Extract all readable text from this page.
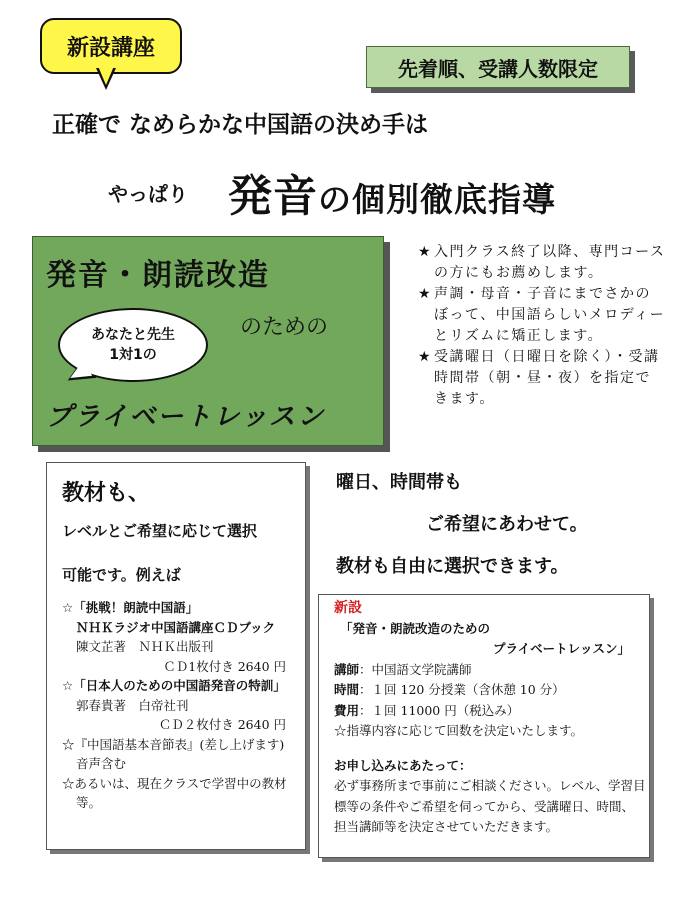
新設講座
先着順、受講人数限定
正確で なめらかな中国語の決め手は
やっぱり 発音の個別徹底指導
発音・朗読改造
のための
あなたと先生
1対1の
プライベートレッスン
★ 入門クラス終了以降、専門コースの方にもお薦めします。
★ 声調・母音・子音にまでさかのぼって、中国語らしいメロディーとリズムに矯正します。
★ 受講曜日（日曜日を除く）・受講時間帯（朝・昼・夜）を指定できます。
教材も、
レベルとご希望に応じて選択
可能です。例えば
☆「挑戦！朗読中国語」
ＮＨＫラジオ中国語講座ＣＤブック
陳文芷著　ＮＨＫ出版刊
ＣＤ1枚付き 2640 円
☆「日本人のための中国語発音の特訓」
郭春貴著　白帝社刊
ＣＤ２枚付き 2640 円
☆『中国語基本音節表』(差し上げます)
音声含む
☆あるいは、現在クラスで学習中の教材等。
曜日、時間帯も
ご希望にあわせて。
教材も自由に選択できます。
新設
「発音・朗読改造のための
プライベートレッスン」
講師：中国語文学院講師
時間：１回 120 分授業（含休憩 10 分）
費用：１回 11000 円（税込み）
☆指導内容に応じて回数を決定いたします。
お申し込みにあたって：
必ず事務所まで事前にご相談ください。レベル、学習目標等の条件やご希望を伺ってから、受講曜日、時間、担当講師等を決定させていただきます。
